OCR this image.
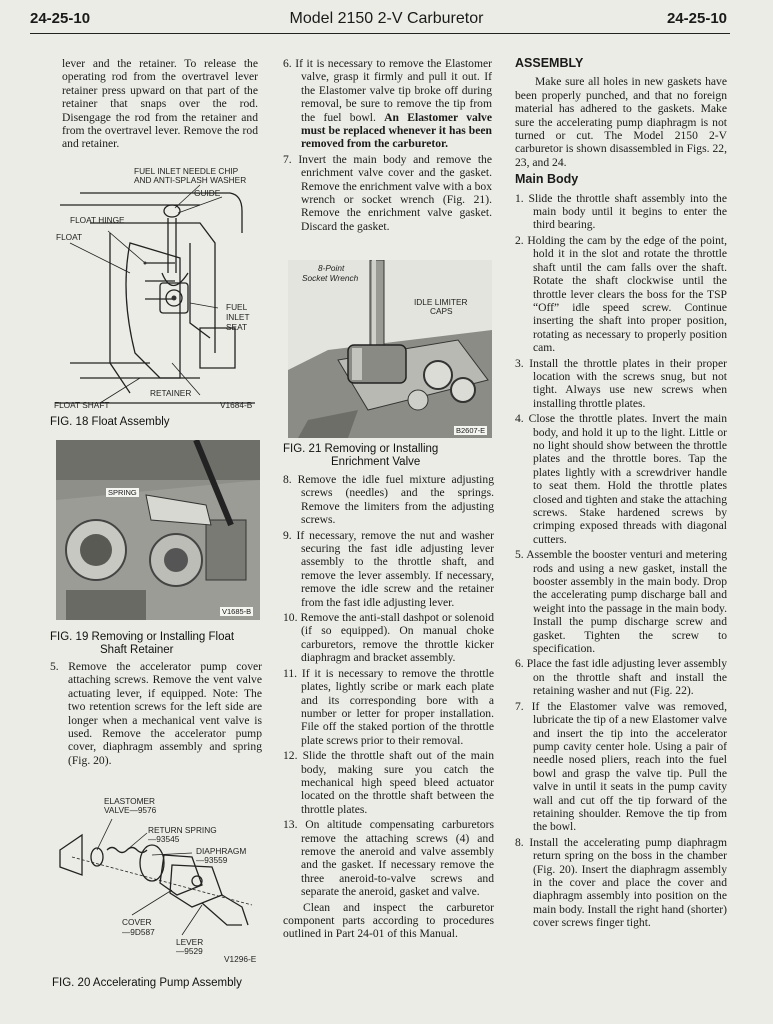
24-25-10	Model 2150 2-V Carburetor	24-25-10

lever and the retainer. To release the operating rod from the overtravel lever retainer press upward on that part of the retainer that snaps over the rod. Disengage the rod from the retainer and from the overtravel lever. Remove the rod and retainer.

FUEL INLET NEEDLE CHIP
AND ANTI-SPLASH WASHER
GUIDE
FLOAT HINGE
FLOAT
FUEL
INLET
SEAT
RETAINER
FLOAT SHAFT	V1684-B
FIG. 18 Float Assembly
SPRING
V1685-B
FIG. 19 Removing or Installing Float
Shaft Retainer

5. Remove the accelerator pump cover attaching screws. Remove the vent valve actuating lever, if equipped. Note: The two retention screws for the left side are longer when a mechanical vent valve is used. Remove the accelerator pump cover, diaphragm assembly and spring (Fig. 20).

ELASTOMER
VALVE—9576
RETURN SPRING
—93545
DIAPHRAGM
—93559
COVER
—9D587
LEVER
—9529
V1296-E
FIG. 20 Accelerating Pump Assembly

6. If it is necessary to remove the Elastomer valve, grasp it firmly and pull it out. If the Elastomer valve tip broke off during removal, be sure to remove the tip from the fuel bowl. An Elastomer valve must be replaced whenever it has been removed from the carburetor.

7. Invert the main body and remove the enrichment valve cover and the gasket. Remove the enrichment valve with a box wrench or socket wrench (Fig. 21). Remove the enrichment valve gasket. Discard the gasket.

8-Point
Socket Wrench
IDLE LIMITER
CAPS
B2607-E
FIG. 21 Removing or Installing
Enrichment Valve

8. Remove the idle fuel mixture adjusting screws (needles) and the springs. Remove the limiters from the adjusting screws.

9. If necessary, remove the nut and washer securing the fast idle adjusting lever assembly to the throttle shaft, and remove the lever assembly. If necessary, remove the idle screw and the retainer from the fast idle adjusting lever.

10. Remove the anti-stall dashpot or solenoid (if so equipped). On manual choke carburetors, remove the throttle kicker diaphragm and bracket assembly.

11. If it is necessary to remove the throttle plates, lightly scribe or mark each plate and its corresponding bore with a number or letter for proper installation. File off the staked portion of the throttle plate screws prior to their removal.

12. Slide the throttle shaft out of the main body, making sure you catch the mechanical high speed bleed actuator located on the throttle shaft between the throttle plates.

13. On altitude compensating carburetors remove the attaching screws (4) and remove the aneroid and valve assembly and the gasket. If necessary remove the three aneroid-to-valve screws and separate the aneroid, gasket and valve.

Clean and inspect the carburetor component parts according to procedures outlined in Part 24-01 of this Manual.

ASSEMBLY

Make sure all holes in new gaskets have been properly punched, and that no foreign material has adhered to the gaskets. Make sure the accelerating pump diaphragm is not turned or cut. The Model 2150 2-V carburetor is shown disassembled in Figs. 22, 23, and 24.

Main Body

1. Slide the throttle shaft assembly into the main body until it begins to enter the third bearing.

2. Holding the cam by the edge of the point, hold it in the slot and rotate the throttle shaft until the cam falls over the shaft. Rotate the shaft clockwise until the throttle lever clears the boss for the TSP “Off” idle speed screw. Continue inserting the shaft into proper position, rotating as necessary to properly position cam.

3. Install the throttle plates in their proper location with the screws snug, but not tight. Always use new screws when installing throttle plates.

4. Close the throttle plates. Invert the main body, and hold it up to the light. Little or no light should show between the throttle plates and the throttle bores. Tap the plates lightly with a screwdriver handle to seat them. Hold the throttle plates closed and tighten and stake the attaching screws. Stake hardened screws by crimping exposed threads with diagonal cutters.

5. Assemble the booster venturi and metering rods and using a new gasket, install the booster assembly in the main body. Drop the accelerating pump discharge ball and weight into the passage in the main body. Install the pump discharge screw and gasket. Tighten the screw to specification.

6. Place the fast idle adjusting lever assembly on the throttle shaft and install the retaining washer and nut (Fig. 22).

7. If the Elastomer valve was removed, lubricate the tip of a new Elastomer valve and insert the tip into the accelerator pump cavity center hole. Using a pair of needle nosed pliers, reach into the fuel bowl and grasp the valve tip. Pull the valve in until it seats in the pump cavity wall and cut off the tip forward of the retaining shoulder. Remove the tip from the bowl.

8. Install the accelerating pump diaphragm return spring on the boss in the chamber (Fig. 20). Insert the diaphragm assembly in the cover and place the cover and diaphragm assembly into position on the main body. Install the right hand (shorter) cover screws finger tight.
